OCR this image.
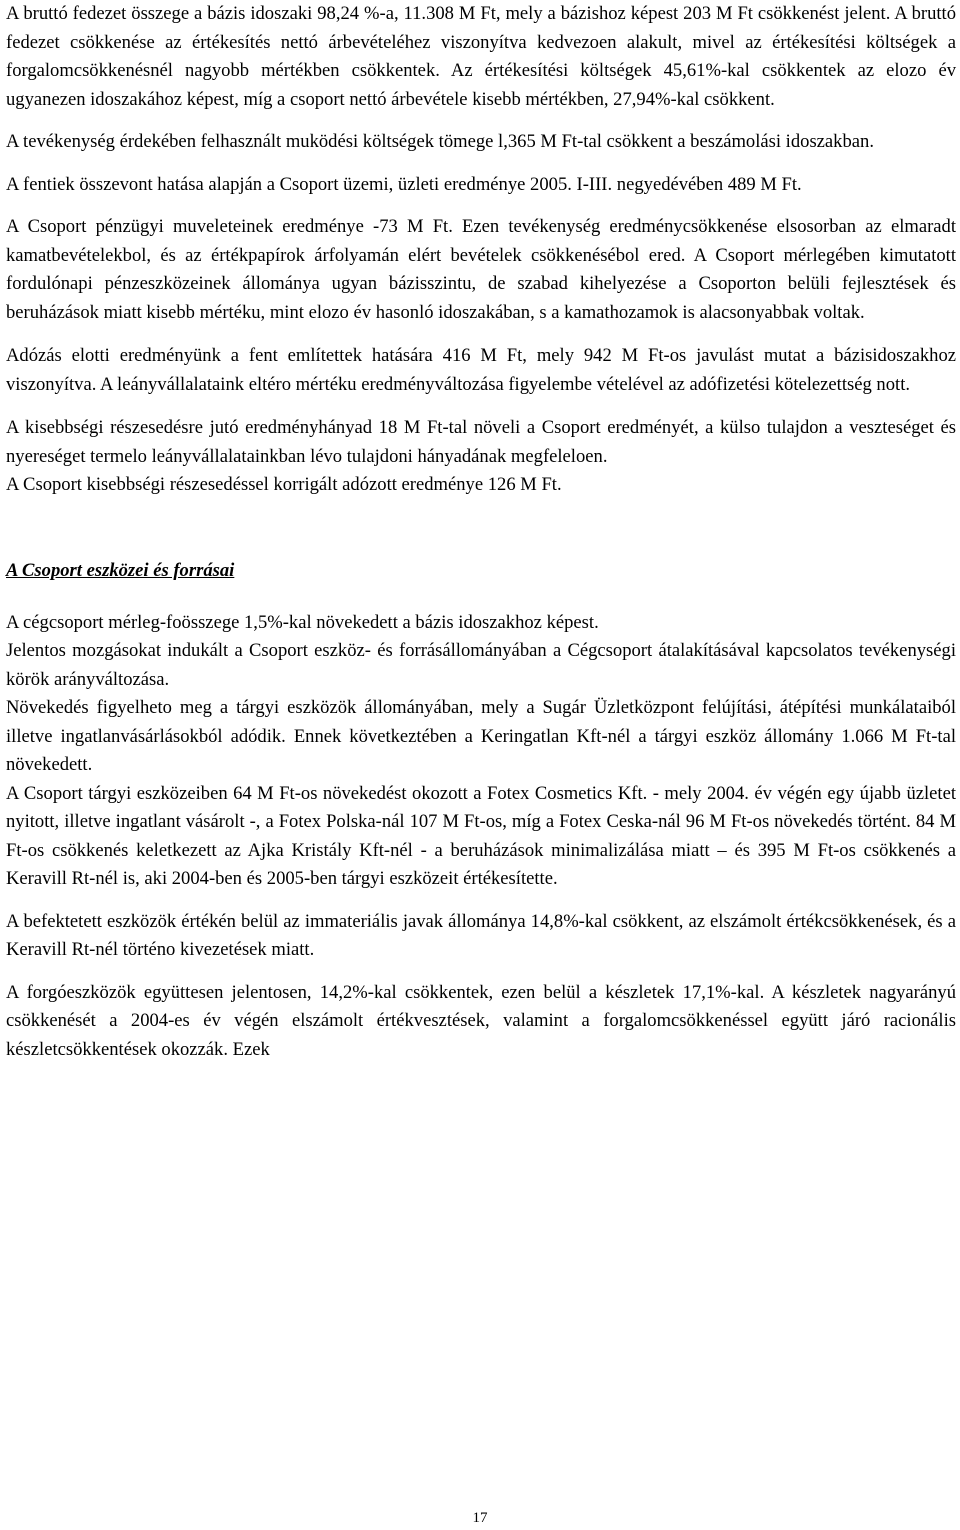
A bruttó fedezet összege a bázis idoszaki 98,24 %-a, 11.308 M Ft, mely a bázishoz képest 203 M Ft csökkenést jelent. A bruttó fedezet csökkenése az értékesítés nettó árbevételéhez viszonyítva kedvezoen alakult, mivel az értékesítési költségek a forgalomcsökkenésnél nagyobb mértékben csökkentek. Az értékesítési költségek 45,61%-kal csökkentek az elozo év ugyanezen idoszakához képest, míg a csoport nettó árbevétele kisebb mértékben, 27,94%-kal csökkent.

A tevékenység érdekében felhasznált muködési költségek tömege l,365 M Ft-tal csökkent a beszámolási idoszakban.

A fentiek összevont hatása alapján a Csoport üzemi, üzleti eredménye 2005. I-III. negyedévében 489 M Ft.

A Csoport pénzügyi muveleteinek eredménye -73 M Ft. Ezen tevékenység eredménycsökkenése elsosorban az elmaradt kamatbevételekbol, és az értékpapírok árfolyamán elért bevételek csökkenésébol ered. A Csoport mérlegében kimutatott fordulónapi pénzeszközeinek állománya ugyan bázisszintu, de szabad kihelyezése a Csoporton belüli fejlesztések és beruházások miatt kisebb mértéku, mint elozo év hasonló idoszakában, s a kamathozamok is alacsonyabbak voltak.

Adózás elotti eredményünk a fent említettek hatására 416 M Ft, mely 942 M Ft-os javulást mutat a bázisidoszakhoz viszonyítva. A leányvállalataink eltéro mértéku eredményváltozása figyelembe vételével az adófizetési kötelezettség nott.

A kisebbségi részesedésre jutó eredményhányad 18 M Ft-tal növeli a Csoport eredményét, a külso tulajdon a veszteséget és nyereséget termelo leányvállalatainkban lévo tulajdoni hányadának megfeleloen.

A Csoport kisebbségi részesedéssel korrigált adózott eredménye 126 M Ft.

A Csoport eszközei és forrásai

A cégcsoport mérleg-foösszege 1,5%-kal növekedett a bázis idoszakhoz képest.

Jelentos mozgásokat indukált a Csoport eszköz- és forrásállományában a Cégcsoport átalakításával kapcsolatos tevékenységi körök arányváltozása.

Növekedés figyelheto meg a tárgyi eszközök állományában, mely a Sugár Üzletközpont felújítási, átépítési munkálataiból illetve ingatlanvásárlásokból adódik. Ennek következtében a Keringatlan Kft-nél a tárgyi eszköz állomány 1.066 M Ft-tal növekedett.

A Csoport tárgyi eszközeiben 64 M Ft-os növekedést okozott a Fotex Cosmetics Kft. - mely 2004. év végén egy újabb üzletet nyitott, illetve ingatlant vásárolt -, a Fotex Polska-nál 107 M Ft-os, míg a Fotex Ceska-nál 96 M Ft-os növekedés történt. 84 M Ft-os csökkenés keletkezett az Ajka Kristály Kft-nél - a beruházások minimalizálása miatt – és 395 M Ft-os csökkenés a Keravill Rt-nél is, aki 2004-ben és 2005-ben tárgyi eszközeit értékesítette.

A befektetett eszközök értékén belül az immateriális javak állománya 14,8%-kal csökkent, az elszámolt értékcsökkenések, és a Keravill Rt-nél történo kivezetések miatt.

A forgóeszközök együttesen jelentosen, 14,2%-kal csökkentek, ezen belül a készletek 17,1%-kal. A készletek nagyarányú csökkenését a 2004-es év végén elszámolt értékvesztések, valamint a forgalomcsökkenéssel együtt járó racionális készletcsökkentések okozzák. Ezek

17
